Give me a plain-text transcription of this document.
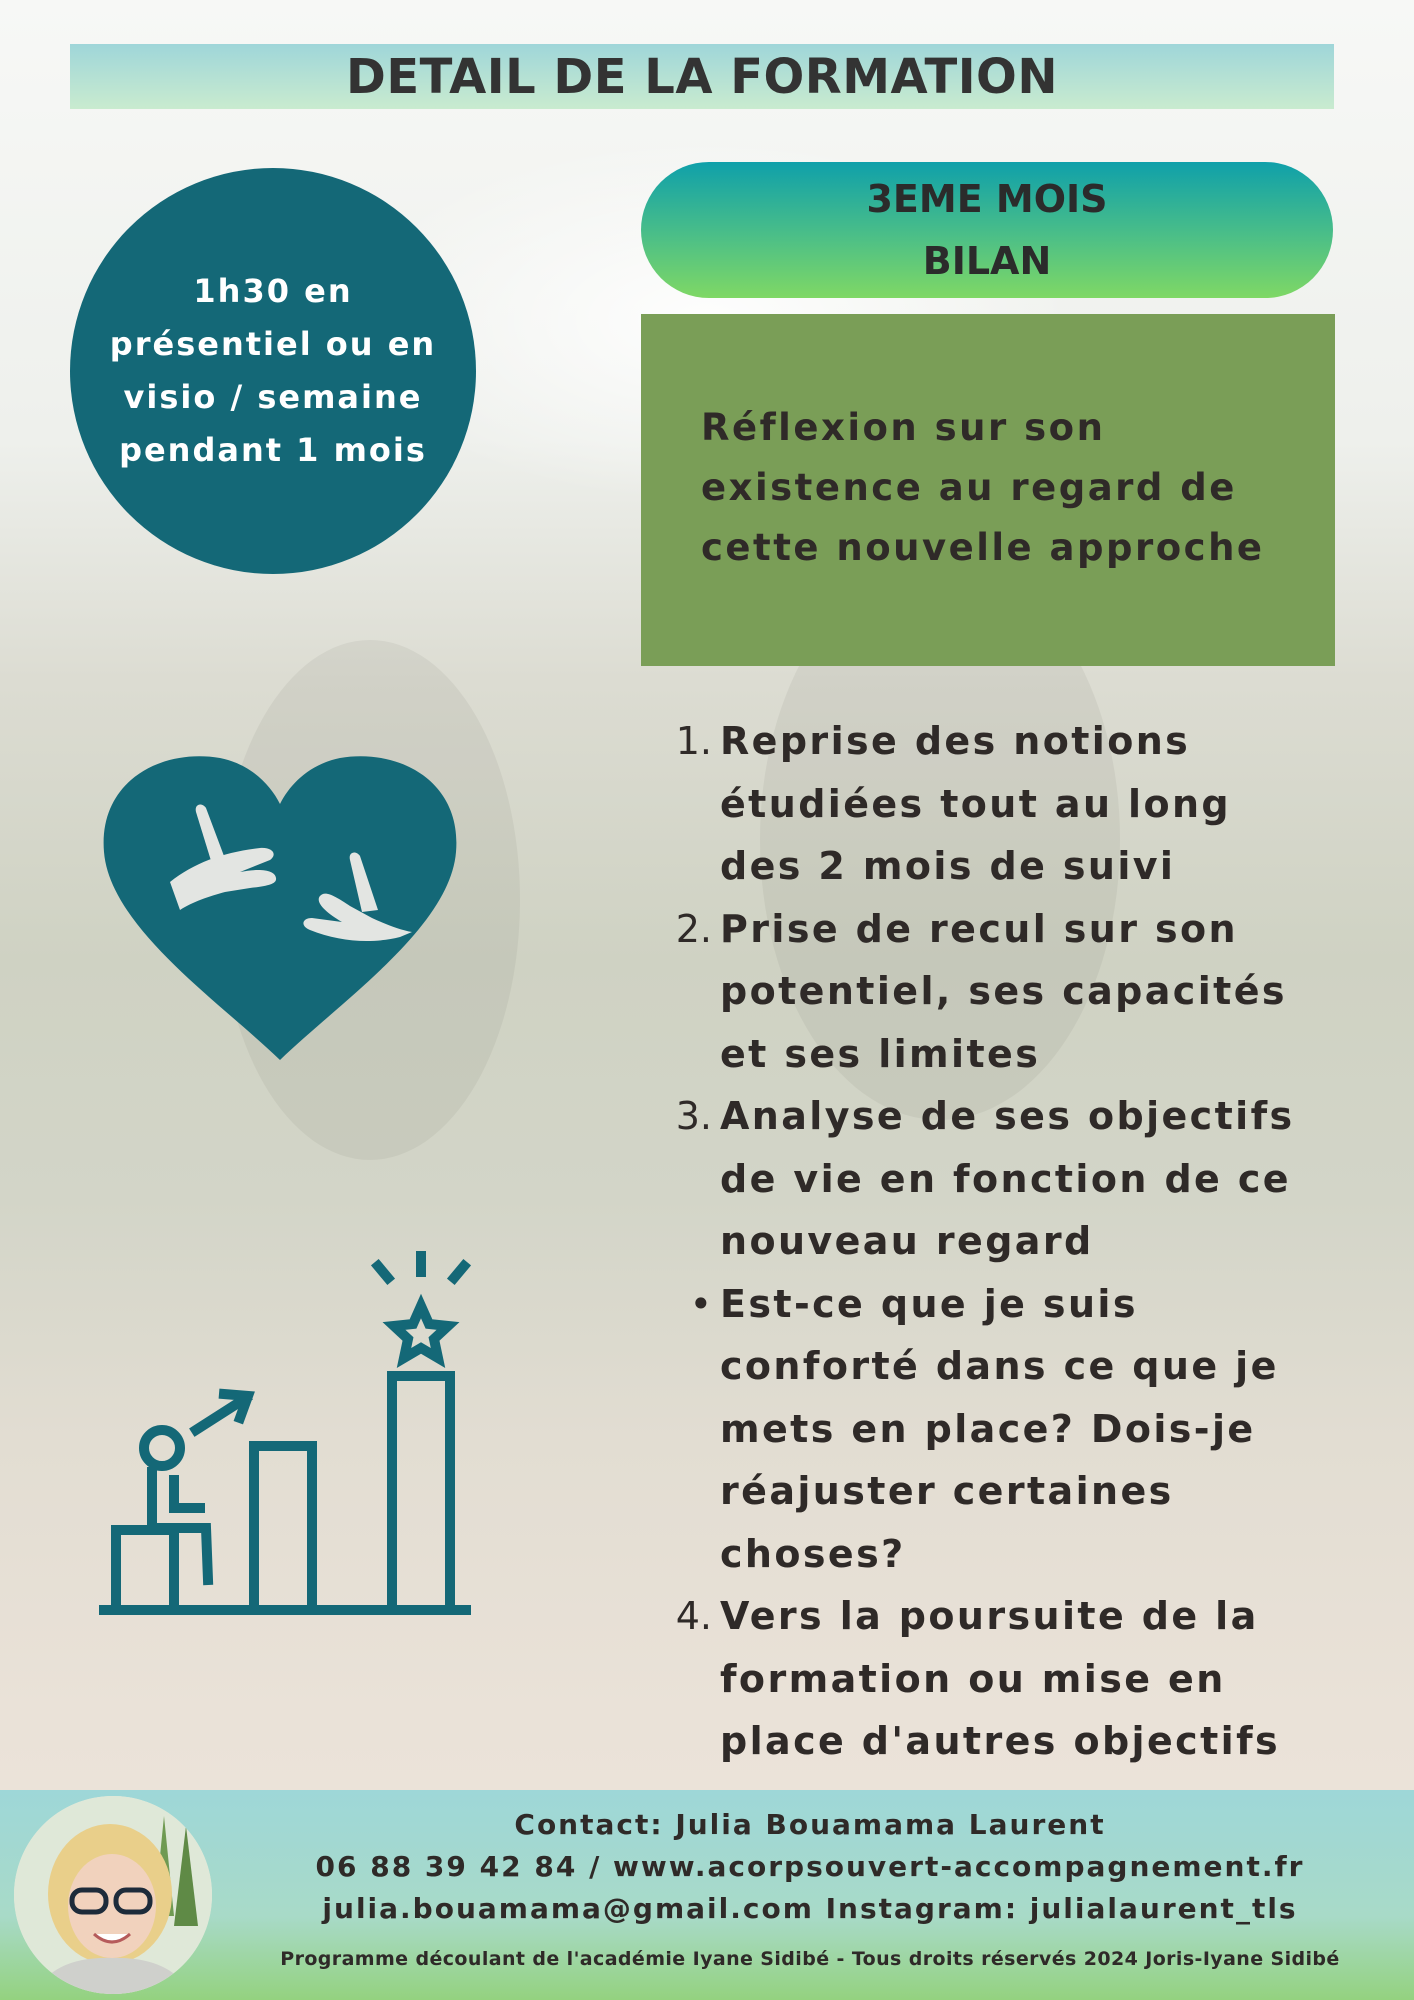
DETAIL DE LA FORMATION

1h30 en
présentiel ou en
visio / semaine
pendant 1 mois

3EME MOIS
BILAN

Réflexion sur son
existence au regard de
cette nouvelle approche

1. Reprise des notions
étudiées tout au long
des 2 mois de suivi
2. Prise de recul sur son
potentiel, ses capacités
et ses limites
3. Analyse de ses objectifs
de vie en fonction de ce
nouveau regard
• Est-ce que je suis
conforté dans ce que je
mets en place? Dois-je
réajuster certaines
choses?
4. Vers la poursuite de la
formation ou mise en
place d'autres objectifs
Contact: Julia Bouamama Laurent
06 88 39 42 84 / www.acorpsouvert-accompagnement.fr
julia.bouamama@gmail.com Instagram: julialaurent_tls
Programme découlant de l'académie Iyane Sidibé - Tous droits réservés 2024 Joris-Iyane Sidibé
